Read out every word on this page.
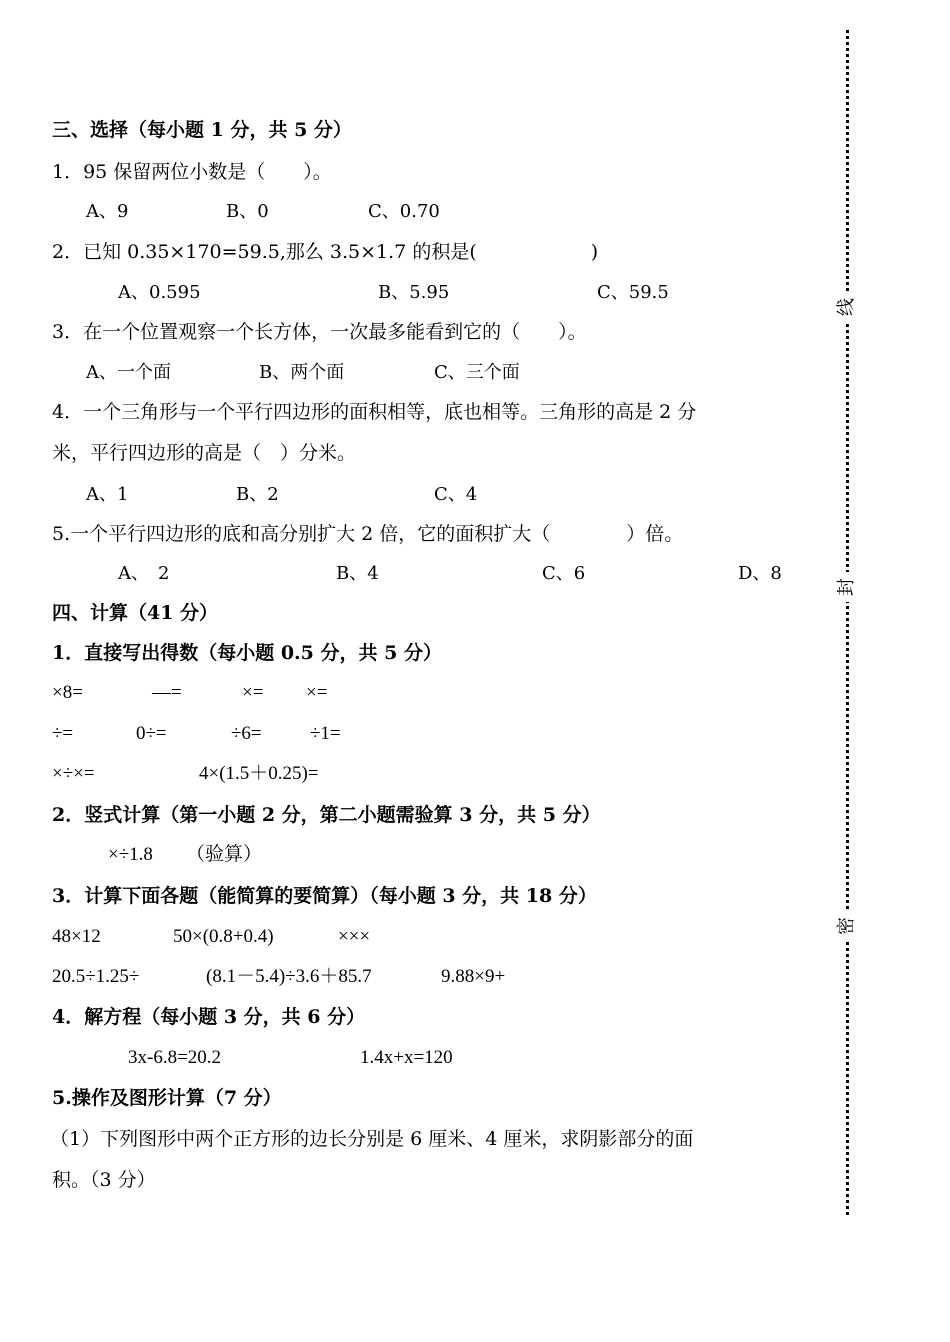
三、选择（每小题 1 分，共 5 分）
1．95 保留两位小数是（　　）。
A、9	B、0	C、0.70
2．已知 0.35×170=59.5,那么 3.5×1.7 的积是(　　　　　　)
A、0.595	B、5.95	C、59.5
3．在一个位置观察一个长方体，一次最多能看到它的（　　）。
A、一个面	B、两个面	C、三个面
4．一个三角形与一个平行四边形的面积相等，底也相等。三角形的高是 2 分
米，平行四边形的高是（　）分米。
A、1	B、2	C、4
5.一个平行四边形的底和高分别扩大 2 倍，它的面积扩大（　　　　）倍。
A、　2	B、4	C、6	D、8
四、计算（41 分）
1．直接写出得数（每小题 0.5 分，共 5 分）
×8=	—=	×= ×=
÷=	0÷=	÷6=	÷1=
×÷×=	4×(1.5＋0.25)=
2．竖式计算（第一小题 2 分，第二小题需验算 3 分，共 5 分）
×÷1.8 （验算）
3．计算下面各题（能简算的要简算）（每小题 3 分，共 18 分）
48×12	50×(0.8+0.4)	×××
20.5÷1.25÷	(8.1－5.4)÷3.6＋85.7	9.88×9+
4．解方程（每小题 3 分，共 6 分）
3x-6.8=20.2	1.4x+x=120
5.操作及图形计算（7 分）
（1）下列图形中两个正方形的边长分别是 6 厘米、4 厘米，求阴影部分的面
积。（3 分）
线
封
密
